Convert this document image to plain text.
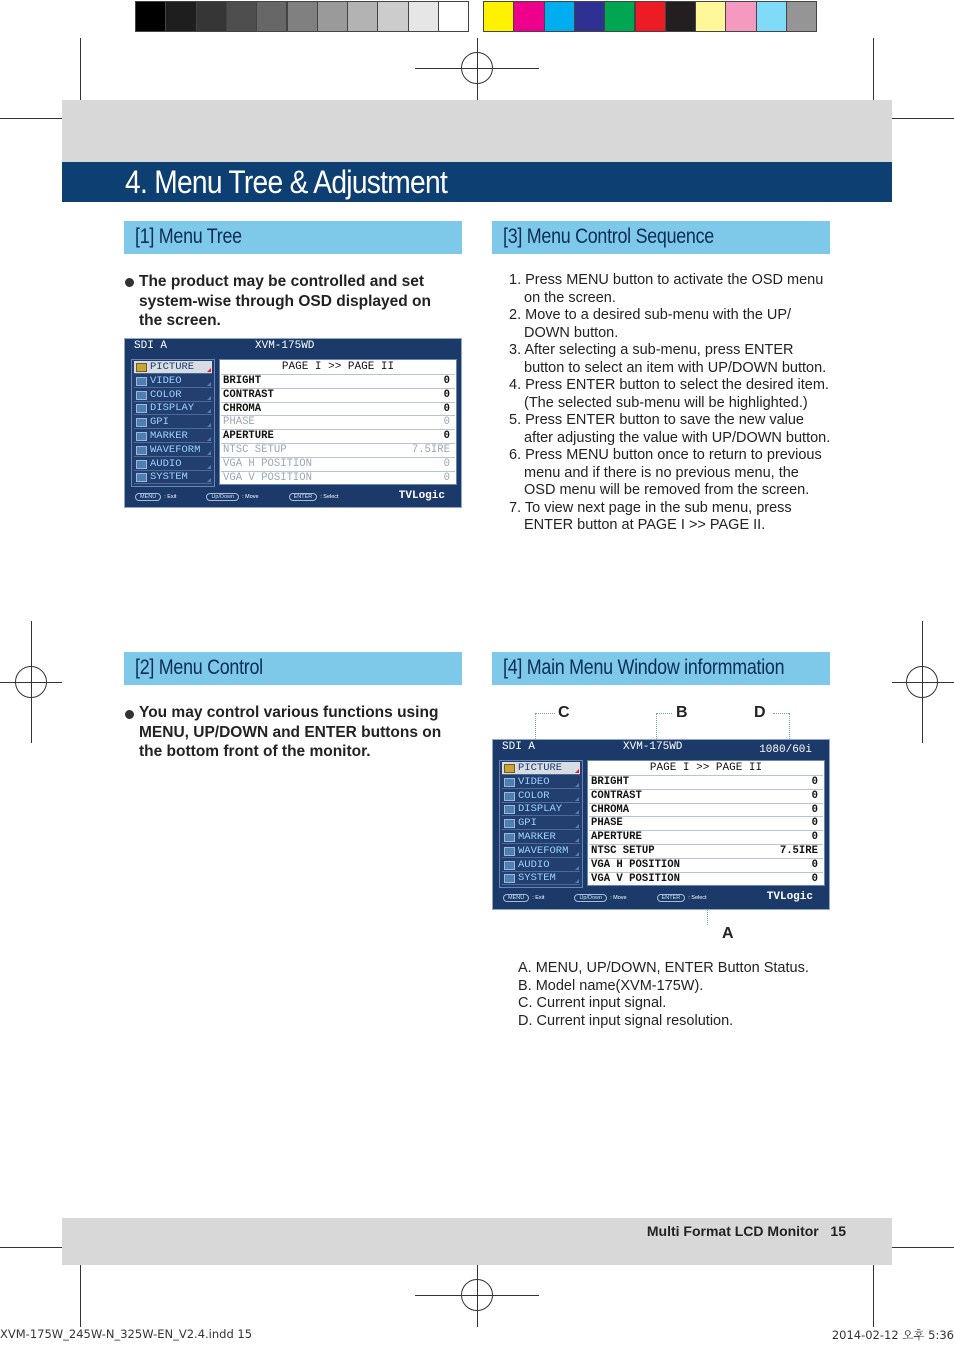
4. Menu Tree & Adjustment
[1] Menu Tree
The product may be controlled and set system-wise through OSD displayed on the screen.
SDI A	XVM-175WD
PICTURE
VIDEO
COLOR
DISPLAY
GPI
MARKER
WAVEFORM
AUDIO
SYSTEM
PAGE I >> PAGE II
BRIGHT	0
CONTRAST	0
CHROMA	0
PHASE	0
APERTURE	0
NTSC SETUP	7.5IRE
VGA H POSITION	0
VGA V POSITION	0
MENU : Exit	Up/Down : Move	ENTER : Select	TVLogic
[3] Menu Control Sequence
1. Press MENU button to activate the OSD menu on the screen.
2. Move to a desired sub-menu with the UP/ DOWN button.
3. After selecting a sub-menu, press ENTER button to select an item with UP/DOWN button.
4. Press ENTER button to select the desired item. (The selected sub-menu will be highlighted.)
5. Press ENTER button to save the new value after adjusting the value with UP/DOWN button.
6. Press MENU button once to return to previous menu and if there is no previous menu, the OSD menu will be removed from the screen.
7. To view next page in the sub menu, press ENTER button at PAGE I >> PAGE II.
[2] Menu Control
You may control various functions using MENU, UP/DOWN and ENTER buttons on the bottom front of the monitor.
[4] Main Menu Window informmation
C	B	D
A
SDI A	XVM-175WD	1080/60i
PICTURE
VIDEO
COLOR
DISPLAY
GPI
MARKER
WAVEFORM
AUDIO
SYSTEM
PAGE I >> PAGE II
BRIGHT	0
CONTRAST	0
CHROMA	0
PHASE	0
APERTURE	0
NTSC SETUP	7.5IRE
VGA H POSITION	0
VGA V POSITION	0
MENU : Exit	Up/Down : Move	ENTER : Select	TVLogic
A. MENU, UP/DOWN, ENTER Button Status.
B. Model name(XVM-175W).
C. Current input signal.
D. Current input signal resolution.
Multi Format LCD Monitor 15
XVM-175W_245W-N_325W-EN_V2.4.indd 15	2014-02-12 오후 5:36
